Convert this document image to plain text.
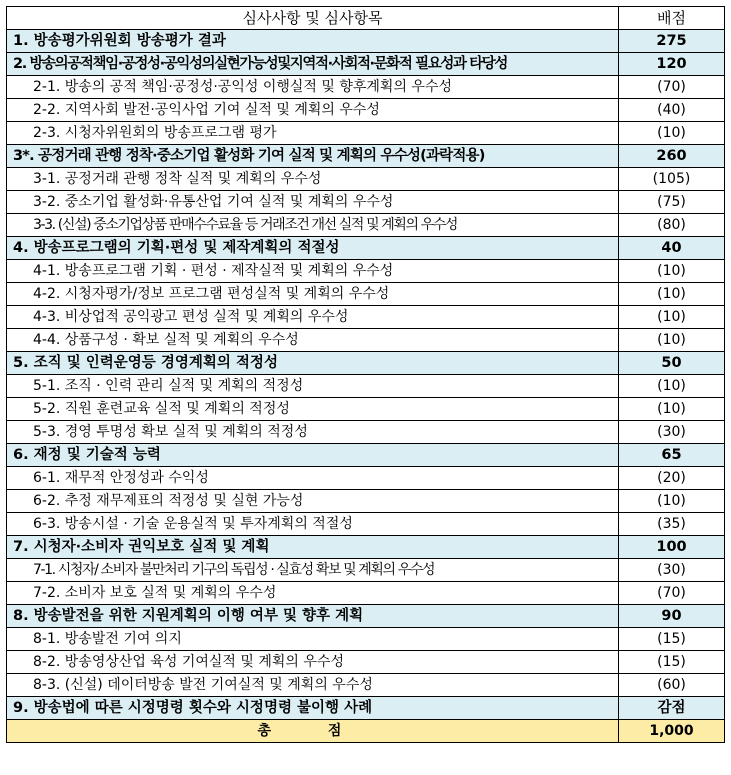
심사사항 및 심사항목	배점
1. 방송평가위원회 방송평가 결과	275
2. 방송의공적책임·공정성·공익성의실현가능성및지역적·사회적·문화적 필요성과 타당성	120
2-1. 방송의 공적 책임·공정성·공익성 이행실적 및 향후계획의 우수성	(70)
2-2. 지역사회 발전·공익사업 기여 실적 및 계획의 우수성	(40)
2-3. 시청자위원회의 방송프로그램 평가	(10)
3*. 공정거래 관행 정착·중소기업 활성화 기여 실적 및 계획의 우수성(과락적용)	260
3-1. 공정거래 관행 정착 실적 및 계획의 우수성	(105)
3-2. 중소기업 활성화·유통산업 기여 실적 및 계획의 우수성	(75)
3-3. (신설) 중소기업상품 판매수수료율 등 거래조건 개선 실적 및 계획의 우수성	(80)
4. 방송프로그램의 기획·편성 및 제작계획의 적절성	40
4-1. 방송프로그램 기획 · 편성 · 제작실적 및 계획의 우수성	(10)
4-2. 시청자평가/정보 프로그램 편성실적 및 계획의 우수성	(10)
4-3. 비상업적 공익광고 편성 실적 및 계획의 우수성	(10)
4-4. 상품구성 · 확보 실적 및 계획의 우수성	(10)
5. 조직 및 인력운영등 경영계획의 적정성	50
5-1. 조직 · 인력 관리 실적 및 계획의 적정성	(10)
5-2. 직원 훈련교육 실적 및 계획의 적정성	(10)
5-3. 경영 투명성 확보 실적 및 계획의 적정성	(30)
6. 재정 및 기술적 능력	65
6-1. 재무적 안정성과 수익성	(20)
6-2. 추정 재무제표의 적정성 및 실현 가능성	(10)
6-3. 방송시설 · 기술 운용실적 및 투자계획의 적절성	(35)
7. 시청자·소비자 권익보호 실적 및 계획	100
7-1. 시청자/ 소비자 불만처리 기구의 독립성 · 실효성 확보 및 계획의 우수성	(30)
7-2. 소비자 보호 실적 및 계획의 우수성	(70)
8. 방송발전을 위한 지원계획의 이행 여부 및 향후 계획	90
8-1. 방송발전 기여 의지	(15)
8-2. 방송영상산업 육성 기여실적 및 계획의 우수성	(15)
8-3. (신설) 데이터방송 발전 기여실적 및 계획의 우수성	(60)
9. 방송법에 따른 시정명령 횟수와 시정명령 불이행 사례	감점
총 점	1,000
